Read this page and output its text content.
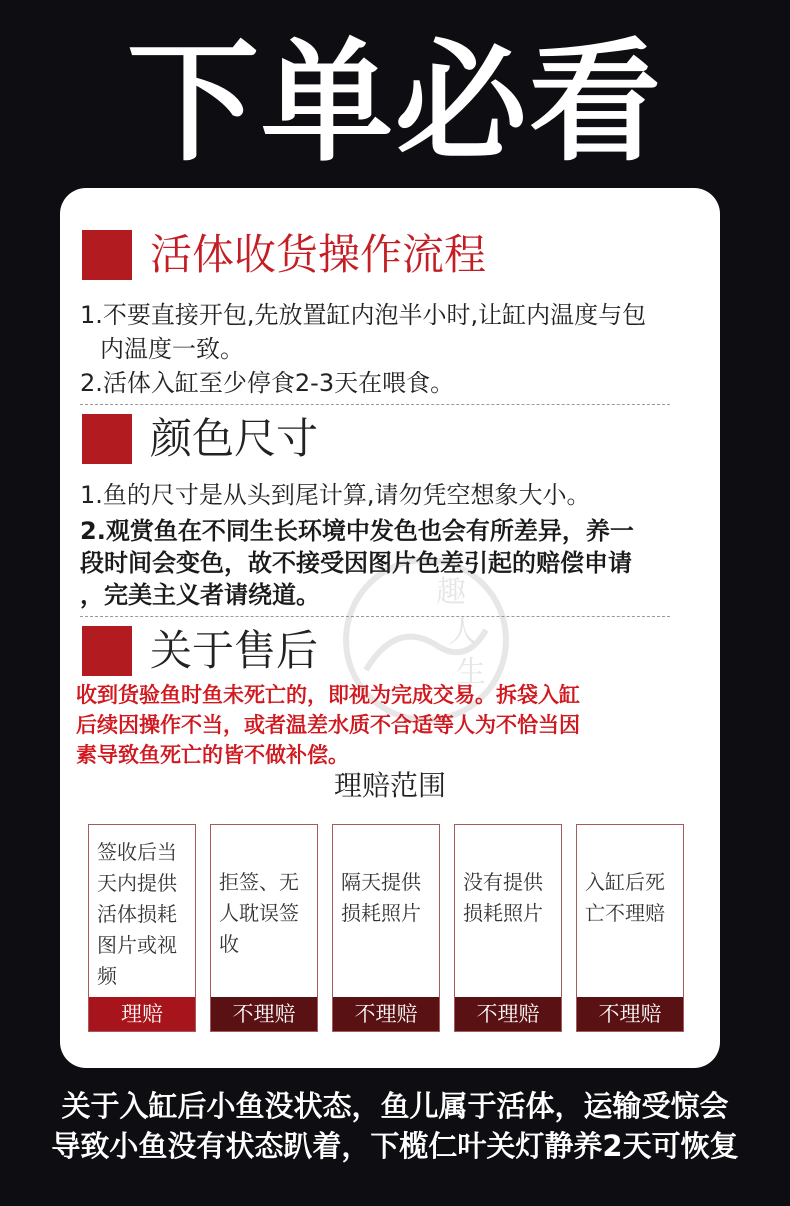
下单必看
活体收货操作流程
1.不要直接开包,先放置缸内泡半小时,让缸内温度与包
内温度一致。
2.活体入缸至少停食2-3天在喂食。
颜色尺寸
1.鱼的尺寸是从头到尾计算,请勿凭空想象大小。
2.观赏鱼在不同生长环境中发色也会有所差异，养一
段时间会变色，故不接受因图片色差引起的赔偿申请
，完美主义者请绕道。	趣
人
生
关于售后
收到货验鱼时鱼未死亡的，即视为完成交易。拆袋入缸
后续因操作不当，或者温差水质不合适等人为不恰当因
素导致鱼死亡的皆不做补偿。
理赔范围
签收后当
天内提供
活体损耗
图片或视
频
理赔
拒签、无
人耽误签
收
不理赔
隔天提供
损耗照片
不理赔
没有提供
损耗照片
不理赔
入缸后死
亡不理赔
不理赔
关于入缸后小鱼没状态，鱼儿属于活体，运输受惊会
导致小鱼没有状态趴着，下榄仁叶关灯静养2天可恢复
